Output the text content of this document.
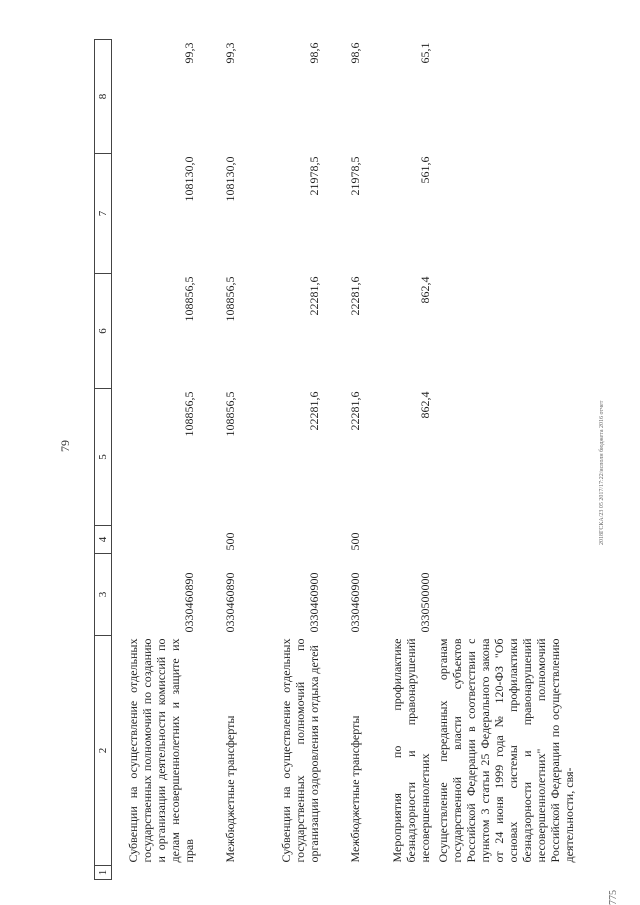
79
1	2	3	4	5	6	7	8
	Субвенции на осуществление отдельных государственных полномочий по созданию и организации деятельности комиссий по делам несовершеннолетних и защите их прав	0330460890		108856,5	108856,5	108130,0	99,3
	Межбюджетные трансферты	0330460890	500	108856,5	108856,5	108130,0	99,3
	Субвенции на осуществление отдельных государственных полномочий по организации оздоровления и отдыха детей	0330460900		22281,6	22281,6	21978,5	98,6
	Межбюджетные трансферты	0330460900	500	22281,6	22281,6	21978,5	98,6
	Мероприятия по профилактике безнадзорности и правонарушений несовершеннолетних	0330500000		862,4	862,4	561,6	65,1
	Осуществление переданных органам государственной власти субъектов Российской Федерации в соответствии с пунктом 3 статьи 25 Федерального закона от 24 июня 1999 года № 120-ФЗ "Об основах системы профилактики безнадзорности и правонарушений несовершеннолетних" полномочий Российской Федерации по осуществлению деятельности, свя-						
2018ГСКА/23 05 2017/17:22/исполн бюджета 2016 отчет
775
